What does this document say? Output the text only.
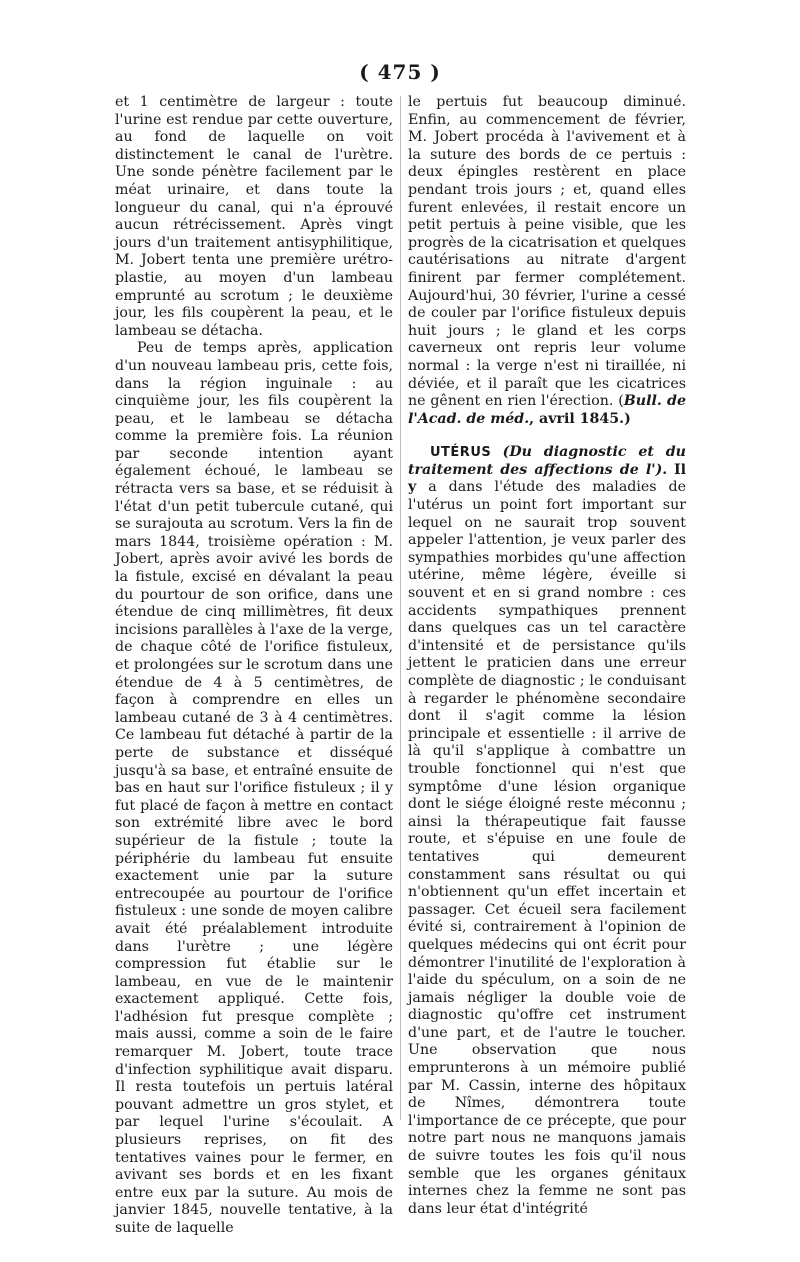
( 475 )

et 1 centimètre de largeur : toute l'urine est rendue par cette ouverture, au fond de laquelle on voit distinctement le canal de l'urètre. Une sonde pénètre facilement par le méat urinaire, et dans toute la longueur du canal, qui n'a éprouvé aucun rétrécissement. Après vingt jours d'un traitement antisyphilitique, M. Jobert tenta une première urétro-plastie, au moyen d'un lambeau emprunté au scrotum ; le deuxième jour, les fils coupèrent la peau, et le lambeau se détacha.

Peu de temps après, application d'un nouveau lambeau pris, cette fois, dans la région inguinale : au cinquième jour, les fils coupèrent la peau, et le lambeau se détacha comme la première fois. La réunion par seconde intention ayant également échoué, le lambeau se rétracta vers sa base, et se réduisit à l'état d'un petit tubercule cutané, qui se surajouta au scrotum. Vers la fin de mars 1844, troisième opération : M. Jobert, après avoir avivé les bords de la fistule, excisé en dévalant la peau du pourtour de son orifice, dans une étendue de cinq millimètres, fit deux incisions parallèles à l'axe de la verge, de chaque côté de l'orifice fistuleux, et prolongées sur le scrotum dans une étendue de 4 à 5 centimètres, de façon à comprendre en elles un lambeau cutané de 3 à 4 centimètres. Ce lambeau fut détaché à partir de la perte de substance et disséqué jusqu'à sa base, et entraîné ensuite de bas en haut sur l'orifice fistuleux ; il y fut placé de façon à mettre en contact son extrémité libre avec le bord supérieur de la fistule ; toute la périphérie du lambeau fut ensuite exactement unie par la suture entrecoupée au pourtour de l'orifice fistuleux : une sonde de moyen calibre avait été préalablement introduite dans l'urètre ; une légère compression fut établie sur le lambeau, en vue de le maintenir exactement appliqué. Cette fois, l'adhésion fut presque complète ; mais aussi, comme a soin de le faire remarquer M. Jobert, toute trace d'infection syphilitique avait disparu. Il resta toutefois un pertuis latéral pouvant admettre un gros stylet, et par lequel l'urine s'écoulait. A plusieurs reprises, on fit des tentatives vaines pour le fermer, en avivant ses bords et en les fixant entre eux par la suture. Au mois de janvier 1845, nouvelle tentative, à la suite de laquelle

le pertuis fut beaucoup diminué. Enfin, au commencement de février, M. Jobert procéda à l'avivement et à la suture des bords de ce pertuis : deux épingles restèrent en place pendant trois jours ; et, quand elles furent enlevées, il restait encore un petit pertuis à peine visible, que les progrès de la cicatrisation et quelques cautérisations au nitrate d'argent finirent par fermer complétement. Aujourd'hui, 30 février, l'urine a cessé de couler par l'orifice fistuleux depuis huit jours ; le gland et les corps caverneux ont repris leur volume normal : la verge n'est ni tiraillée, ni déviée, et il paraît que les cicatrices ne gênent en rien l'érection. (Bull. de l'Acad. de méd., avril 1845.)

UTÉRUS (Du diagnostic et du traitement des affections de l'). Il y a dans l'étude des maladies de l'utérus un point fort important sur lequel on ne saurait trop souvent appeler l'attention, je veux parler des sympathies morbides qu'une affection utérine, même légère, éveille si souvent et en si grand nombre : ces accidents sympathiques prennent dans quelques cas un tel caractère d'intensité et de persistance qu'ils jettent le praticien dans une erreur complète de diagnostic ; le conduisant à regarder le phénomène secondaire dont il s'agit comme la lésion principale et essentielle : il arrive de là qu'il s'applique à combattre un trouble fonctionnel qui n'est que symptôme d'une lésion organique dont le siége éloigné reste méconnu ; ainsi la thérapeutique fait fausse route, et s'épuise en une foule de tentatives qui demeurent constamment sans résultat ou qui n'obtiennent qu'un effet incertain et passager. Cet écueil sera facilement évité si, contrairement à l'opinion de quelques médecins qui ont écrit pour démontrer l'inutilité de l'exploration à l'aide du spéculum, on a soin de ne jamais négliger la double voie de diagnostic qu'offre cet instrument d'une part, et de l'autre le toucher. Une observation que nous emprunterons à un mémoire publié par M. Cassin, interne des hôpitaux de Nîmes, démontrera toute l'importance de ce précepte, que pour notre part nous ne manquons jamais de suivre toutes les fois qu'il nous semble que les organes génitaux internes chez la femme ne sont pas dans leur état d'intégrité
